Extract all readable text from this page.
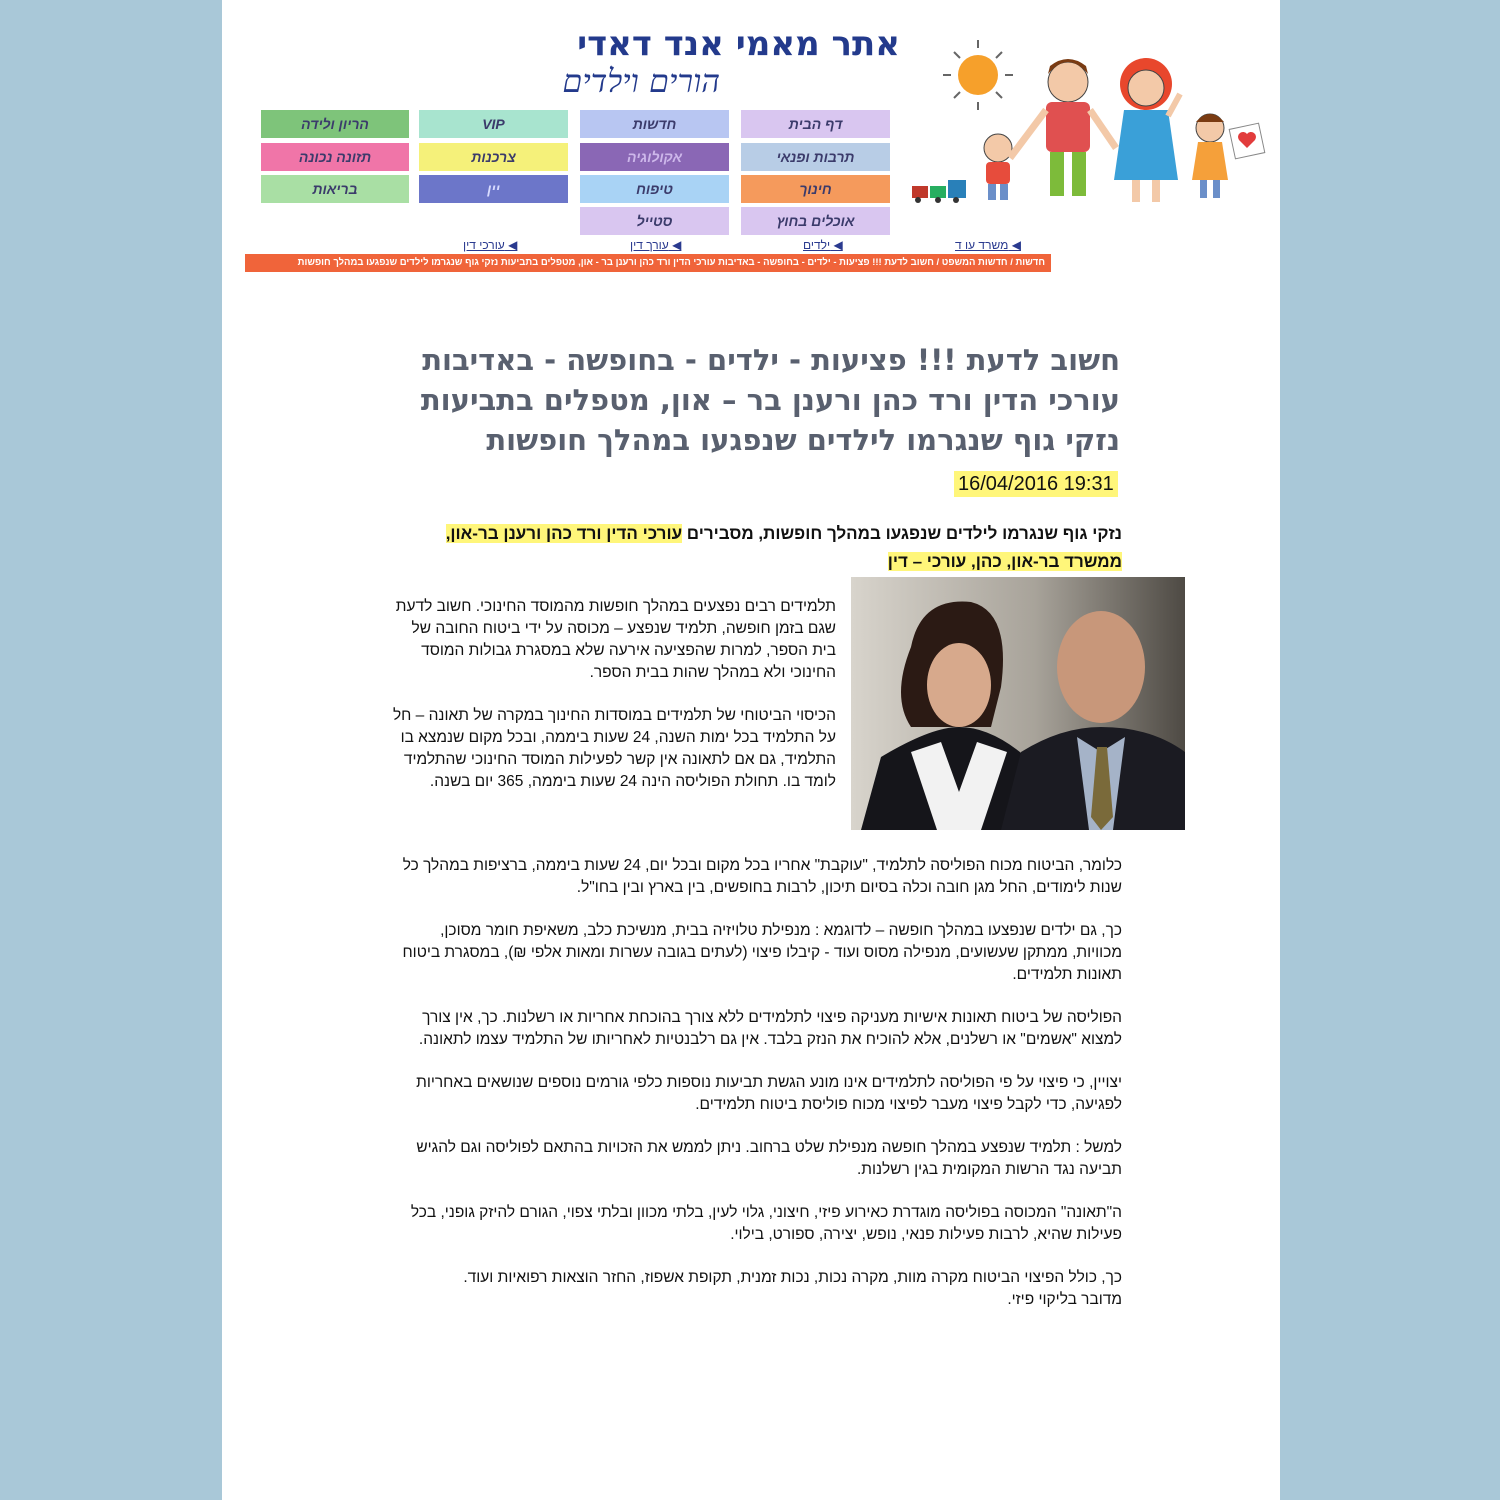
אתר מאמי אנד דאדי
הורים וילדים
דף הבית
תרבות ופנאי
חינוך
אוכלים בחוץ
חדשות
אקולוגיה
טיפוח
סטייל
VIP
צרכנות
יין
הריון ולידה
תזונה נכונה
בריאות
◀ משרד עו ד
◀ ילדים
◀ עורך דין
◀ עורכי דין
חדשות / חדשות המשפט / חשוב לדעת !!! פציעות - ילדים - בחופשה - באדיבות עורכי הדין ורד כהן ורענן בר - און, מטפלים בתביעות נזקי גוף שנגרמו לילדים שנפגעו במהלך חופשות
חשוב לדעת !!! פציעות - ילדים - בחופשה - באדיבות עורכי הדין ורד כהן ורענן בר – און, מטפלים בתביעות נזקי גוף שנגרמו לילדים שנפגעו במהלך חופשות
16/04/2016 19:31
נזקי גוף שנגרמו לילדים שנפגעו במהלך חופשות, מסבירים עורכי הדין ורד כהן ורענן בר-און, ממשרד בר-און, כהן, עורכי – דין

תלמידים רבים נפצעים במהלך חופשות מהמוסד החינוכי. חשוב לדעת שגם בזמן חופשה, תלמיד שנפצע – מכוסה על ידי ביטוח החובה של בית הספר, למרות שהפציעה אירעה שלא במסגרת גבולות המוסד החינוכי ולא במהלך שהות בבית הספר.

הכיסוי הביטוחי של תלמידים במוסדות החינוך במקרה של תאונה – חל על התלמיד בכל ימות השנה, 24 שעות ביממה, ובכל מקום שנמצא בו התלמיד, גם אם לתאונה אין קשר לפעילות המוסד החינוכי שהתלמיד לומד בו. תחולת הפוליסה הינה 24 שעות ביממה, 365 יום בשנה.

כלומר, הביטוח מכוח הפוליסה לתלמיד, "עוקבת" אחריו בכל מקום ובכל יום, 24 שעות ביממה, ברציפות במהלך כל שנות לימודים, החל מגן חובה וכלה בסיום תיכון, לרבות בחופשים, בין בארץ ובין בחו"ל.

כך, גם ילדים שנפצעו במהלך חופשה – לדוגמא : מנפילת טלויזיה בבית, מנשיכת כלב, משאיפת חומר מסוכן, מכוויות, ממתקן שעשועים, מנפילה מסוס ועוד - קיבלו פיצוי (לעתים בגובה עשרות ומאות אלפי ₪), במסגרת ביטוח תאונות תלמידים.

הפוליסה של ביטוח תאונות אישיות מעניקה פיצוי לתלמידים ללא צורך בהוכחת אחריות או רשלנות. כך, אין צורך למצוא "אשמים" או רשלנים, אלא להוכיח את הנזק בלבד. אין גם רלבנטיות לאחריותו של התלמיד עצמו לתאונה.

יצויין, כי פיצוי על פי הפוליסה לתלמידים אינו מונע הגשת תביעות נוספות כלפי גורמים נוספים שנושאים באחריות לפגיעה, כדי לקבל פיצוי מעבר לפיצוי מכוח פוליסת ביטוח תלמידים.

למשל : תלמיד שנפצע במהלך חופשה מנפילת שלט ברחוב. ניתן לממש את הזכויות בהתאם לפוליסה וגם להגיש תביעה נגד הרשות המקומית בגין רשלנות.

ה"תאונה" המכוסה בפוליסה מוגדרת כאירוע פיזי, חיצוני, גלוי לעין, בלתי מכוון ובלתי צפוי, הגורם להיזק גופני, בכל פעילות שהיא, לרבות פעילות פנאי, נופש, יצירה, ספורט, בילוי.

כך, כולל הפיצוי הביטוח מקרה מוות, מקרה נכות, נכות זמנית, תקופת אשפוז, החזר הוצאות רפואיות ועוד.

מדובר בליקוי פיזי.
